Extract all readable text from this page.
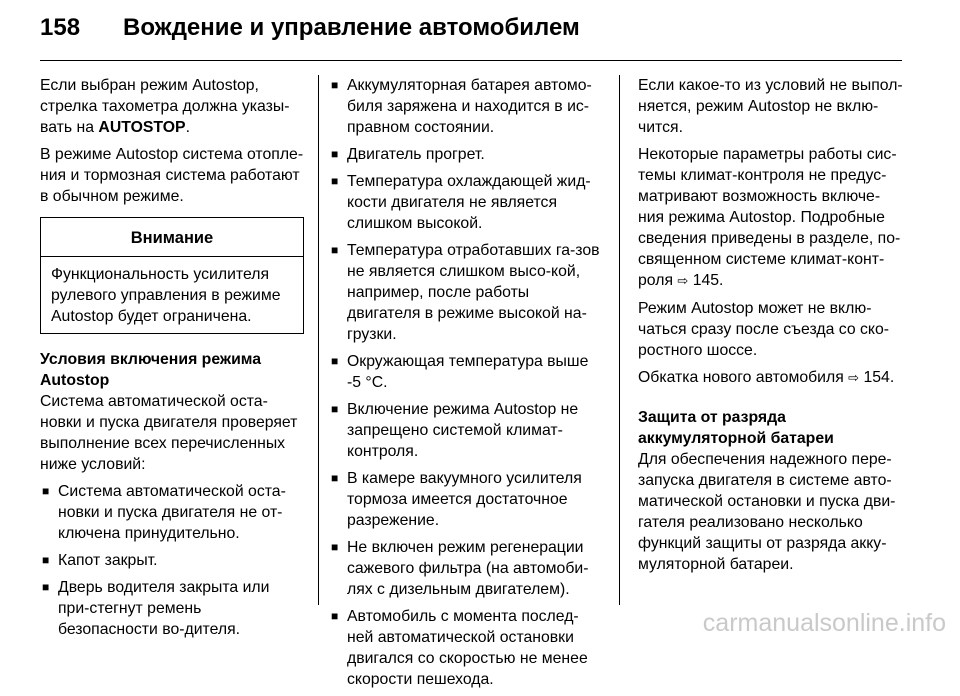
158 Вождение и управление автомобилем

Если выбран режим Autostop, стрелка тахометра должна указы-вать на AUTOSTOP.

В режиме Autostop система отопле-ния и тормозная система работают в обычном режиме.

Внимание
Функциональность усилителя рулевого управления в режиме Autostop будет ограничена.

Условия включения режима Autostop

Система автоматической оста-новки и пуска двигателя проверяет выполнение всех перечисленных ниже условий:

■ Система автоматической оста-новки и пуска двигателя не от-ключена принудительно.
■ Капот закрыт.
■ Дверь водителя закрыта или при-стегнут ремень безопасности во-дителя.
■ Аккумуляторная батарея автомо-биля заряжена и находится в ис-правном состоянии.
■ Двигатель прогрет.
■ Температура охлаждающей жид-кости двигателя не является слишком высокой.
■ Температура отработавших га-зов не является слишком высо-кой, например, после работы двигателя в режиме высокой на-грузки.
■ Окружающая температура выше -5 °C.
■ Включение режима Autostop не запрещено системой климат-контроля.
■ В камере вакуумного усилителя тормоза имеется достаточное разрежение.
■ Не включен режим регенерации сажевого фильтра (на автомоби-лях с дизельным двигателем).
■ Автомобиль с момента послед-ней автоматической остановки двигался со скоростью не менее скорости пешехода.

Если какое-то из условий не выпол-няется, режим Autostop не вклю-чится.

Некоторые параметры работы сис-темы климат-контроля не предус-матривают возможность включе-ния режима Autostop. Подробные сведения приведены в разделе, по-священном системе климат-конт-роля ⇨ 145.

Режим Autostop может не вклю-чаться сразу после съезда со ско-ростного шоссе.

Обкатка нового автомобиля ⇨ 154.

Защита от разряда аккумуляторной батареи

Для обеспечения надежного пере-запуска двигателя в системе авто-матической остановки и пуска дви-гателя реализовано несколько функций защиты от разряда акку-муляторной батареи.

carmanualsonline.info
